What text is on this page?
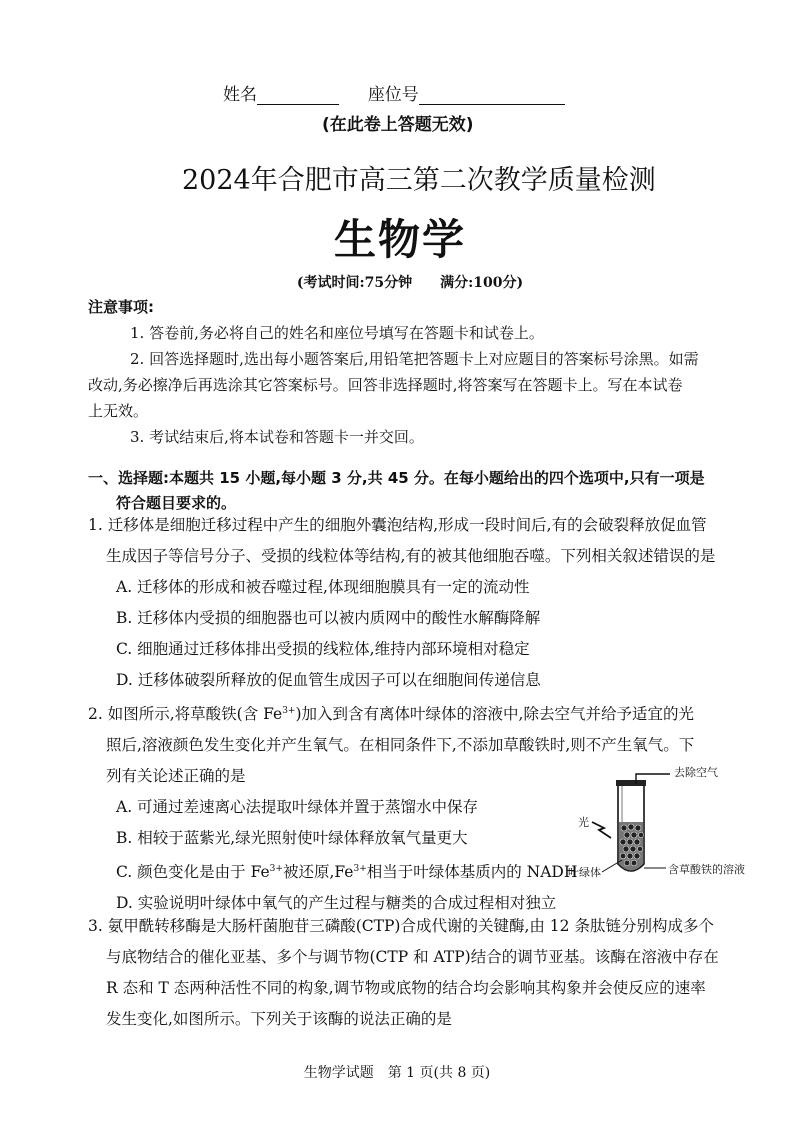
姓名	座位号
(在此卷上答题无效)
2024年合肥市高三第二次教学质量检测
生物学
(考试时间:75分钟　　满分:100分)
注意事项:

1. 答卷前,务必将自己的姓名和座位号填写在答题卡和试卷上。

2. 回答选择题时,选出每小题答案后,用铅笔把答题卡上对应题目的答案标号涂黑。如需

改动,务必擦净后再选涂其它答案标号。回答非选择题时,将答案写在答题卡上。写在本试卷

上无效。

3. 考试结束后,将本试卷和答题卡一并交回。

一、选择题:本题共 15 小题,每小题 3 分,共 45 分。在每小题给出的四个选项中,只有一项是

符合题目要求的。

1. 迁移体是细胞迁移过程中产生的细胞外囊泡结构,形成一段时间后,有的会破裂释放促血管

生成因子等信号分子、受损的线粒体等结构,有的被其他细胞吞噬。下列相关叙述错误的是

A. 迁移体的形成和被吞噬过程,体现细胞膜具有一定的流动性

B. 迁移体内受损的细胞器也可以被内质网中的酸性水解酶降解

C. 细胞通过迁移体排出受损的线粒体,维持内部环境相对稳定

D. 迁移体破裂所释放的促血管生成因子可以在细胞间传递信息

2. 如图所示,将草酸铁(含 $Fe^{3+}$)加入到含有离体叶绿体的溶液中,除去空气并给予适宜的光

照后,溶液颜色发生变化并产生氧气。在相同条件下,不添加草酸铁时,则不产生氧气。下

列有关论述正确的是

A. 可通过差速离心法提取叶绿体并置于蒸馏水中保存

B. 相较于蓝紫光,绿光照射使叶绿体释放氧气量更大

C. 颜色变化是由于 $Fe^{3+}$被还原$,Fe^{3+}$相当于叶绿体基质内的 NADH

D. 实验说明叶绿体中氧气的产生过程与糖类的合成过程相对独立

去除空气
光
叶绿体	含草酸铁的溶液

3. 氨甲酰转移酶是大肠杆菌胞苷三磷酸(CTP)合成代谢的关键酶,由 12 条肽链分别构成多个

与底物结合的催化亚基、多个与调节物(CTP 和 ATP)结合的调节亚基。该酶在溶液中存在

R 态和 T 态两种活性不同的构象,调节物或底物的结合均会影响其构象并会使反应的速率

发生变化,如图所示。下列关于该酶的说法正确的是

生物学试题　第 1 页(共 8 页)
